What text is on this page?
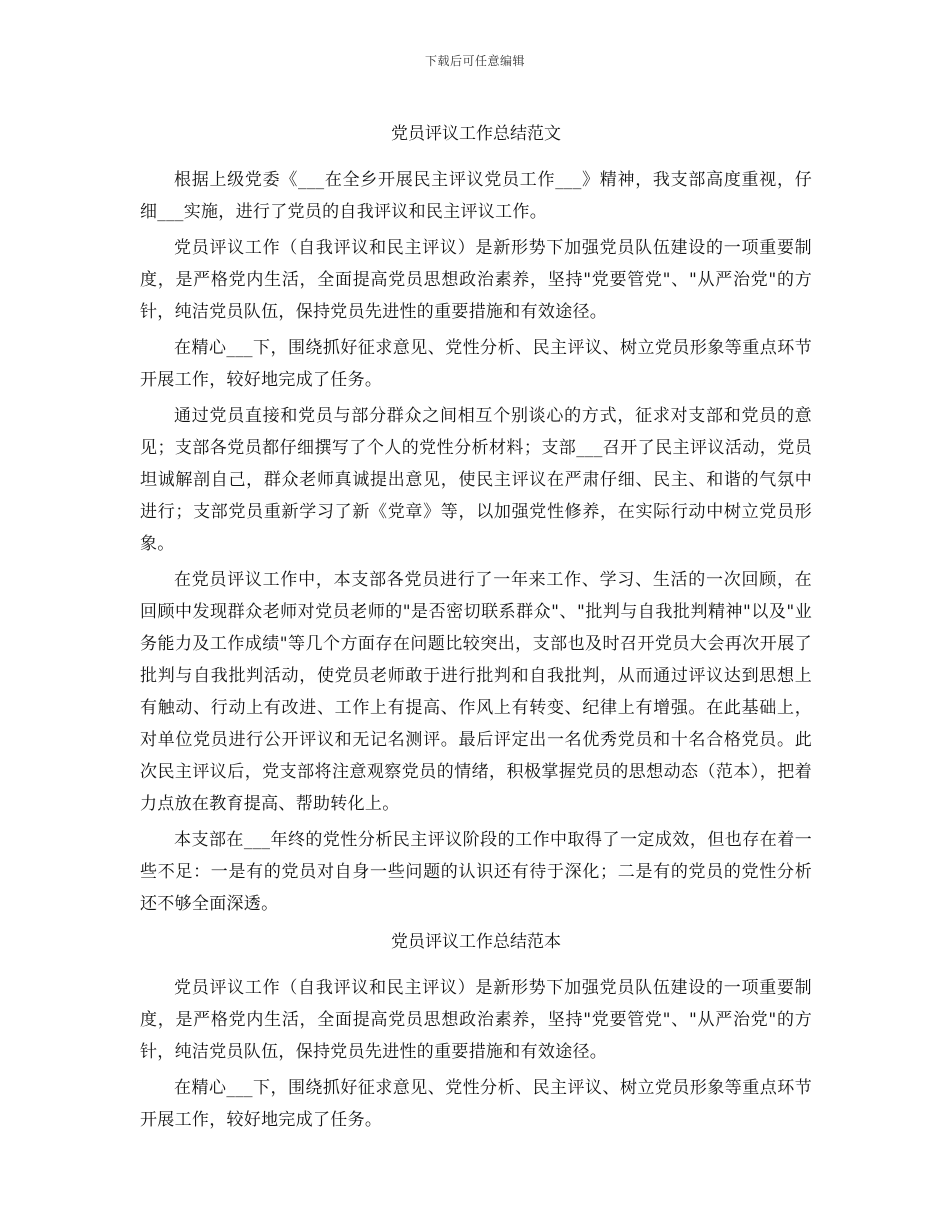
下载后可任意编辑
党员评议工作总结范文

根据上级党委《___在全乡开展民主评议党员工作___》精神，我支部高度重视，仔细___实施，进行了党员的自我评议和民主评议工作。

党员评议工作（自我评议和民主评议）是新形势下加强党员队伍建设的一项重要制度，是严格党内生活，全面提高党员思想政治素养，坚持"党要管党"、"从严治党"的方针，纯洁党员队伍，保持党员先进性的重要措施和有效途径。

在精心___下，围绕抓好征求意见、党性分析、民主评议、树立党员形象等重点环节开展工作，较好地完成了任务。

通过党员直接和党员与部分群众之间相互个别谈心的方式，征求对支部和党员的意见；支部各党员都仔细撰写了个人的党性分析材料；支部___召开了民主评议活动，党员坦诚解剖自己，群众老师真诚提出意见，使民主评议在严肃仔细、民主、和谐的气氛中进行；支部党员重新学习了新《党章》等，以加强党性修养，在实际行动中树立党员形象。

在党员评议工作中，本支部各党员进行了一年来工作、学习、生活的一次回顾，在回顾中发现群众老师对党员老师的"是否密切联系群众"、"批判与自我批判精神"以及"业务能力及工作成绩"等几个方面存在问题比较突出，支部也及时召开党员大会再次开展了批判与自我批判活动，使党员老师敢于进行批判和自我批判，从而通过评议达到思想上有触动、行动上有改进、工作上有提高、作风上有转变、纪律上有增强。在此基础上，对单位党员进行公开评议和无记名测评。最后评定出一名优秀党员和十名合格党员。此次民主评议后，党支部将注意观察党员的情绪，积极掌握党员的思想动态（范本），把着力点放在教育提高、帮助转化上。

本支部在___年终的党性分析民主评议阶段的工作中取得了一定成效，但也存在着一些不足：一是有的党员对自身一些问题的认识还有待于深化；二是有的党员的党性分析还不够全面深透。

党员评议工作总结范本

党员评议工作（自我评议和民主评议）是新形势下加强党员队伍建设的一项重要制度，是严格党内生活，全面提高党员思想政治素养，坚持"党要管党"、"从严治党"的方针，纯洁党员队伍，保持党员先进性的重要措施和有效途径。

在精心___下，围绕抓好征求意见、党性分析、民主评议、树立党员形象等重点环节开展工作，较好地完成了任务。
